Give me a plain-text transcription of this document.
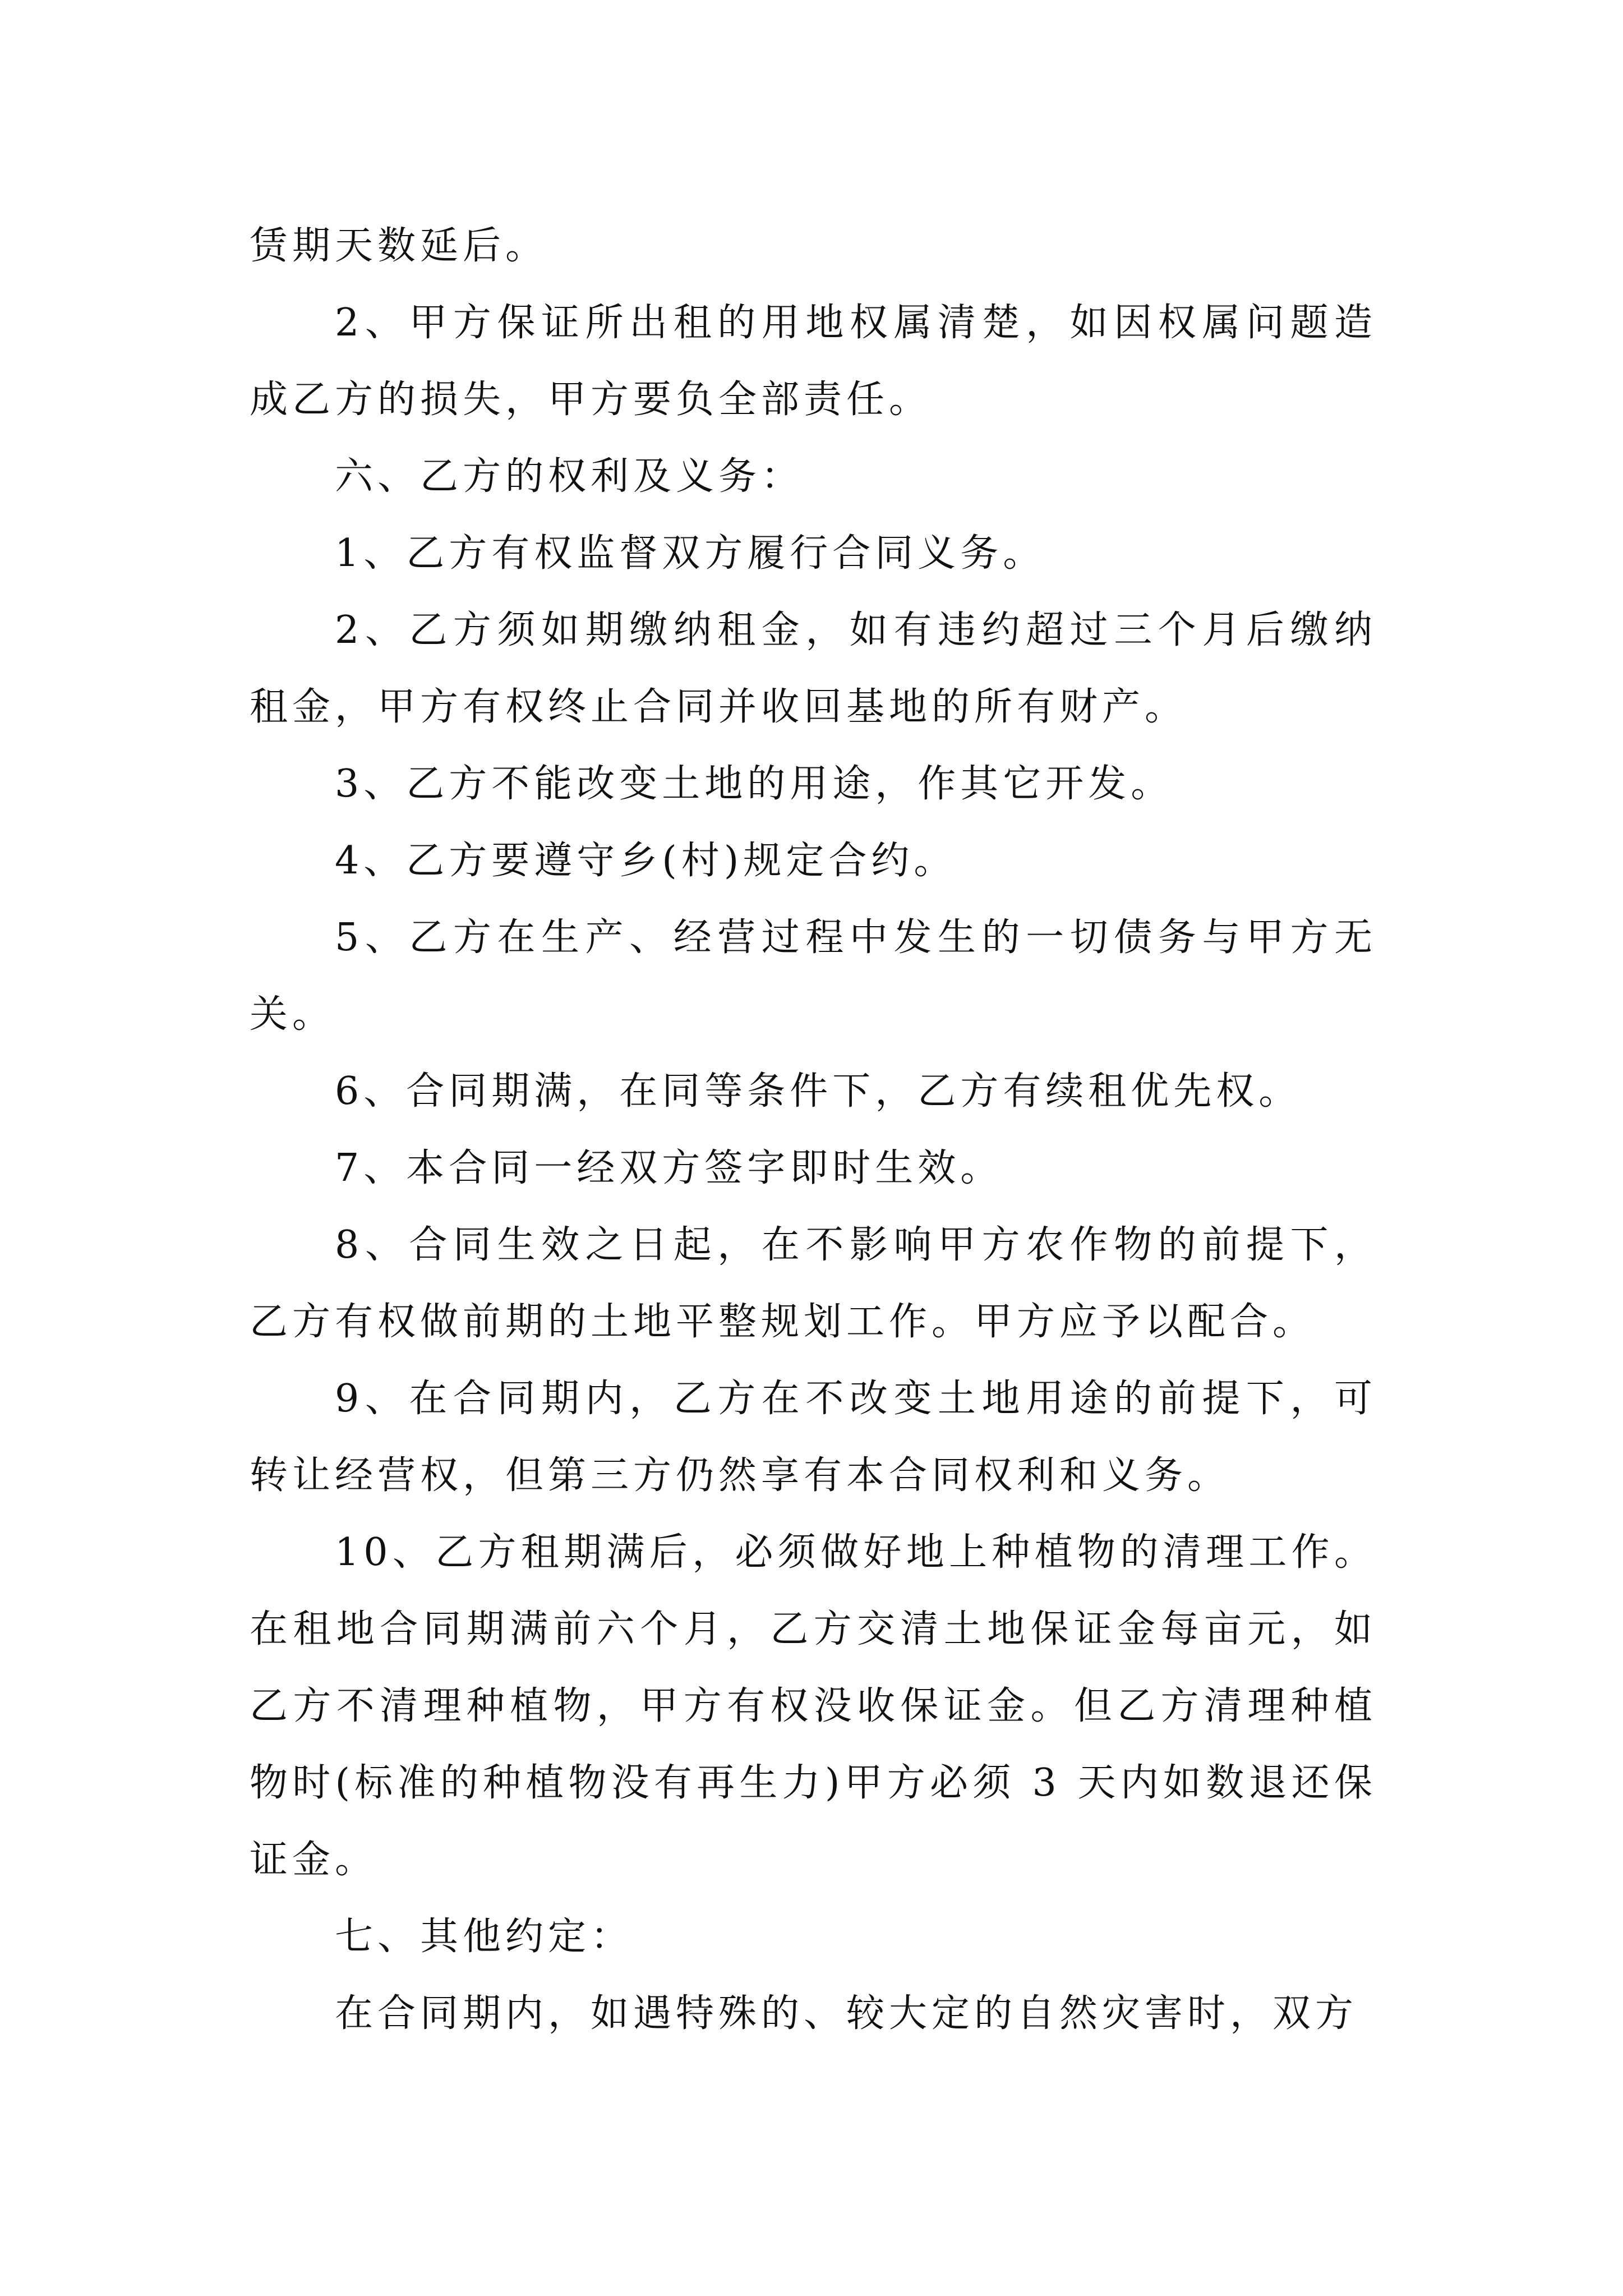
赁期天数延后。

2、甲方保证所出租的用地权属清楚，如因权属问题造成乙方的损失，甲方要负全部责任。

六、乙方的权利及义务：

1、乙方有权监督双方履行合同义务。

2、乙方须如期缴纳租金，如有违约超过三个月后缴纳租金，甲方有权终止合同并收回基地的所有财产。

3、乙方不能改变土地的用途，作其它开发。

4、乙方要遵守乡(村)规定合约。

5、乙方在生产、经营过程中发生的一切债务与甲方无关。

6、合同期满，在同等条件下，乙方有续租优先权。

7、本合同一经双方签字即时生效。

8、合同生效之日起，在不影响甲方农作物的前提下，乙方有权做前期的土地平整规划工作。甲方应予以配合。

9、在合同期内，乙方在不改变土地用途的前提下，可转让经营权，但第三方仍然享有本合同权利和义务。

10、乙方租期满后，必须做好地上种植物的清理工作。在租地合同期满前六个月，乙方交清土地保证金每亩元，如乙方不清理种植物，甲方有权没收保证金。但乙方清理种植物时(标准的种植物没有再生力)甲方必须 3 天内如数退还保证金。

七、其他约定：

在合同期内，如遇特殊的、较大定的自然灾害时，双方
